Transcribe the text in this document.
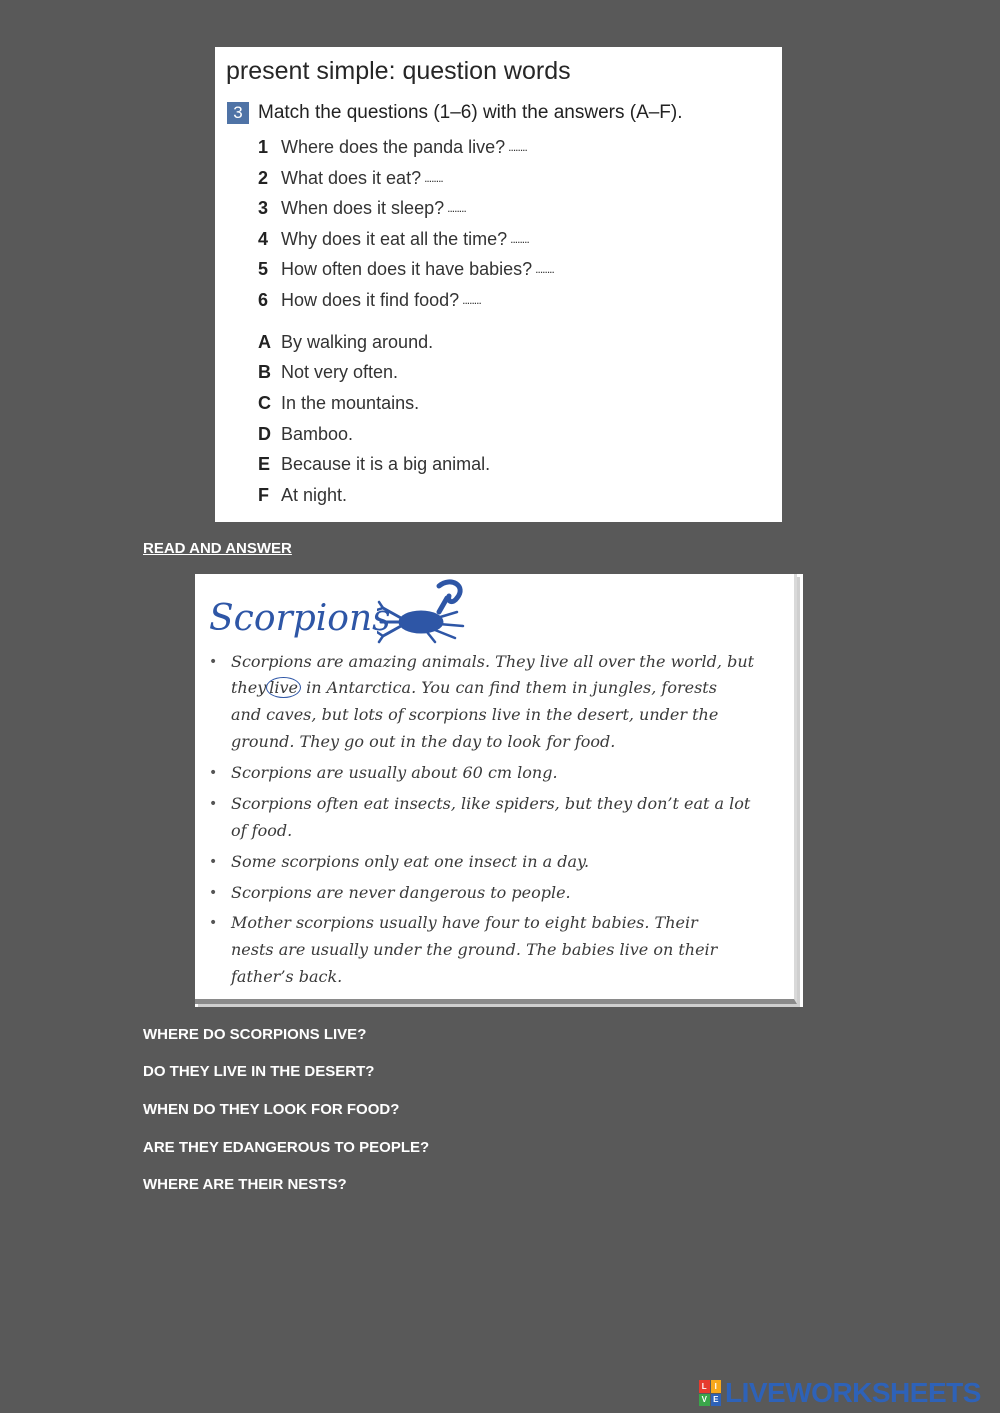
present simple: question words
3 Match the questions (1–6) with the answers (A–F).
1 Where does the panda live? ........
2 What does it eat? ........
3 When does it sleep? ........
4 Why does it eat all the time? ........
5 How often does it have babies? ........
6 How does it find food? ........
A By walking around.
B Not very often.
C In the mountains.
D Bamboo.
E Because it is a big animal.
F At night.
READ AND ANSWER
Scorpions
• Scorpions are amazing animals. They live all over the world, but
they live in Antarctica. You can find them in jungles, forests
and caves, but lots of scorpions live in the desert, under the
ground. They go out in the day to look for food.
• Scorpions are usually about 60 cm long.
• Scorpions often eat insects, like spiders, but they don’t eat a lot
of food.
• Some scorpions only eat one insect in a day.
• Scorpions are never dangerous to people.
• Mother scorpions usually have four to eight babies. Their
nests are usually under the ground. The babies live on their
father’s back.
WHERE DO SCORPIONS LIVE?
DO THEY LIVE IN THE DESERT?
WHEN DO THEY LOOK FOR FOOD?
ARE THEY EDANGEROUS TO PEOPLE?
WHERE ARE THEIR NESTS?
L I
V E LIVEWORKSHEETS
